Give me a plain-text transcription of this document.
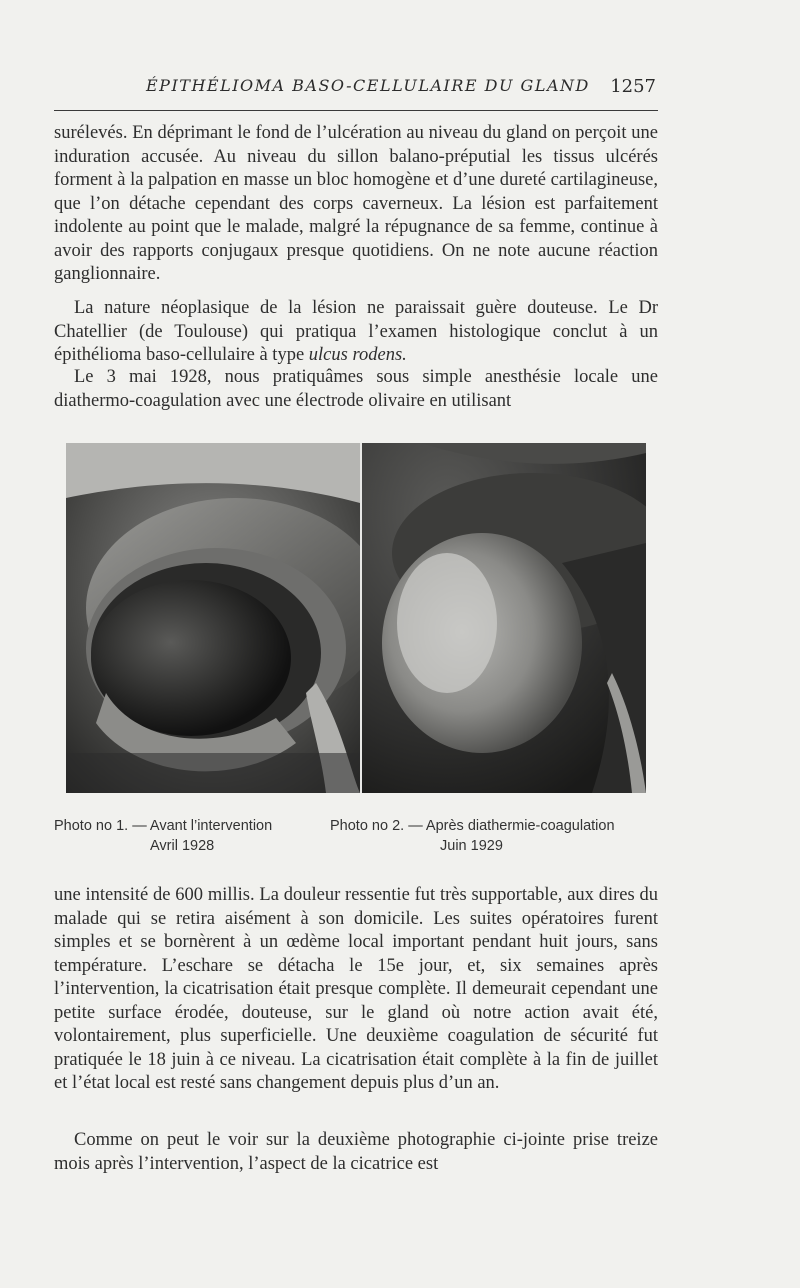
ÉPITHÉLIOMA BASO-CELLULAIRE DU GLAND 1257

surélevés. En déprimant le fond de l’ulcération au niveau du gland on perçoit une induration accusée. Au niveau du sillon balano-préputial les tissus ulcérés forment à la palpation en masse un bloc homogène et d’une dureté cartilagineuse, que l’on détache cependant des corps caverneux. La lésion est parfaitement indolente au point que le malade, malgré la répugnance de sa femme, continue à avoir des rapports conjugaux presque quotidiens. On ne note aucune réaction ganglionnaire.

La nature néoplasique de la lésion ne paraissait guère douteuse. Le Dr Chatellier (de Toulouse) qui pratiqua l’examen histologique conclut à un épithélioma baso-cellulaire à type ulcus rodens.

Le 3 mai 1928, nous pratiquâmes sous simple anesthésie locale une diathermo-coagulation avec une électrode olivaire en utilisant

Photo no 1. — Avant l’intervention
Avril 1928
Photo no 2. — Après diathermie-coagulation
Juin 1929

une intensité de 600 millis. La douleur ressentie fut très supportable, aux dires du malade qui se retira aisément à son domicile. Les suites opératoires furent simples et se bornèrent à un œdème local important pendant huit jours, sans température. L’eschare se détacha le 15e jour, et, six semaines après l’intervention, la cicatrisation était presque complète. Il demeurait cependant une petite surface érodée, douteuse, sur le gland où notre action avait été, volontairement, plus superficielle. Une deuxième coagulation de sécurité fut pratiquée le 18 juin à ce niveau. La cicatrisation était complète à la fin de juillet et l’état local est resté sans changement depuis plus d’un an.

Comme on peut le voir sur la deuxième photographie ci-jointe prise treize mois après l’intervention, l’aspect de la cicatrice est
